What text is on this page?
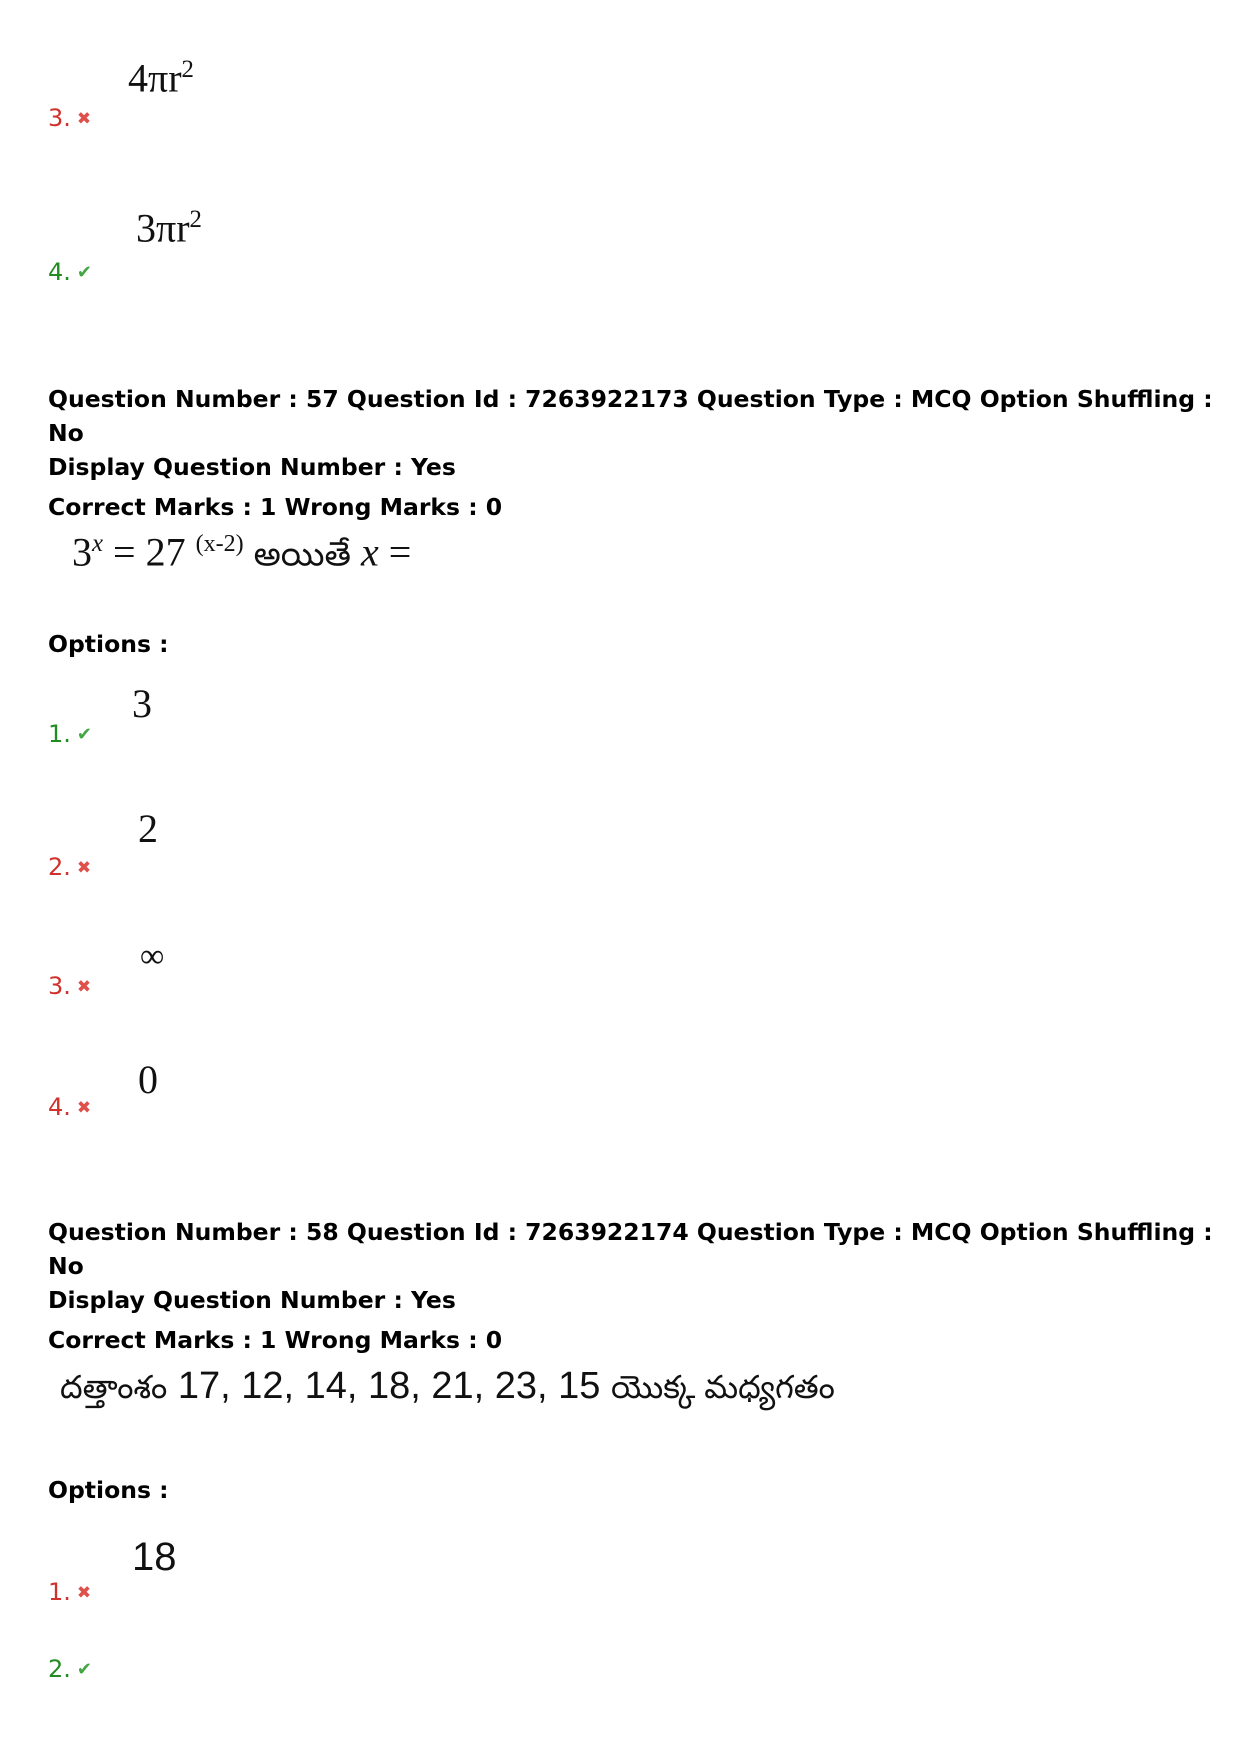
$4\pi r^2$
3. ✖
$3\pi r^2$
4. ✔
Question Number : 57 Question Id : 7263922173 Question Type : MCQ Option Shuffling : No
Display Question Number : Yes
Correct Marks : 1 Wrong Marks : 0
$3^x = 27$ $^{(x-2)}$ అయితే x =
Options :
3
1. ✔
2
2. ✖
∞
3. ✖
0
4. ✖
Question Number : 58 Question Id : 7263922174 Question Type : MCQ Option Shuffling : No
Display Question Number : Yes
Correct Marks : 1 Wrong Marks : 0
దత్తాంశం 17, 12, 14, 18, 21, 23, 15 యొక్క మధ్యగతం
Options :
18
1. ✖
2. ✔
